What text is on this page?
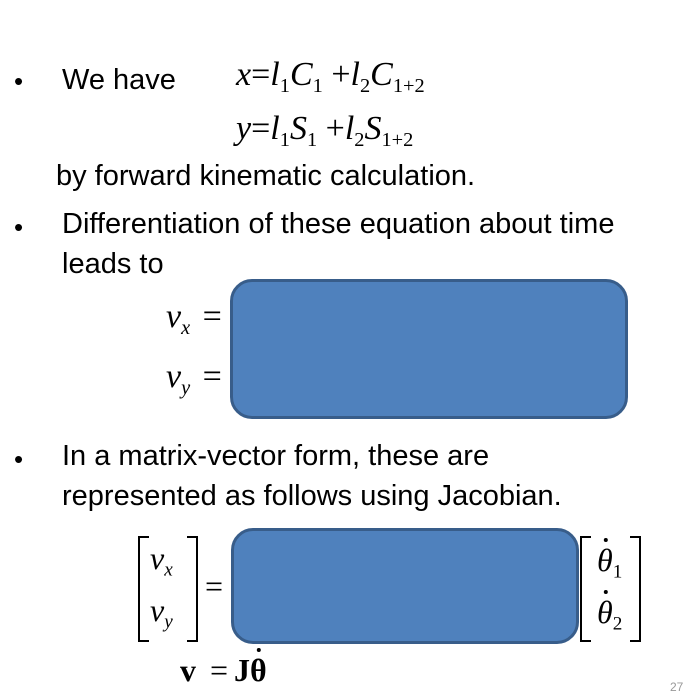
• We have $x=l_1C_1 +l_2C_{1+2}$
$y=l_1S_1 +l_2S_{1+2}$
by forward kinematic calculation.
• Differentiation of these equation about time
leads to
$v_x$ =
$v_y$ =
• In a matrix-vector form, these are
represented as follows using Jacobian.
$v_x$
$v_y$
=
$\theta_1$
$\theta_2$
v = Jθ	27
